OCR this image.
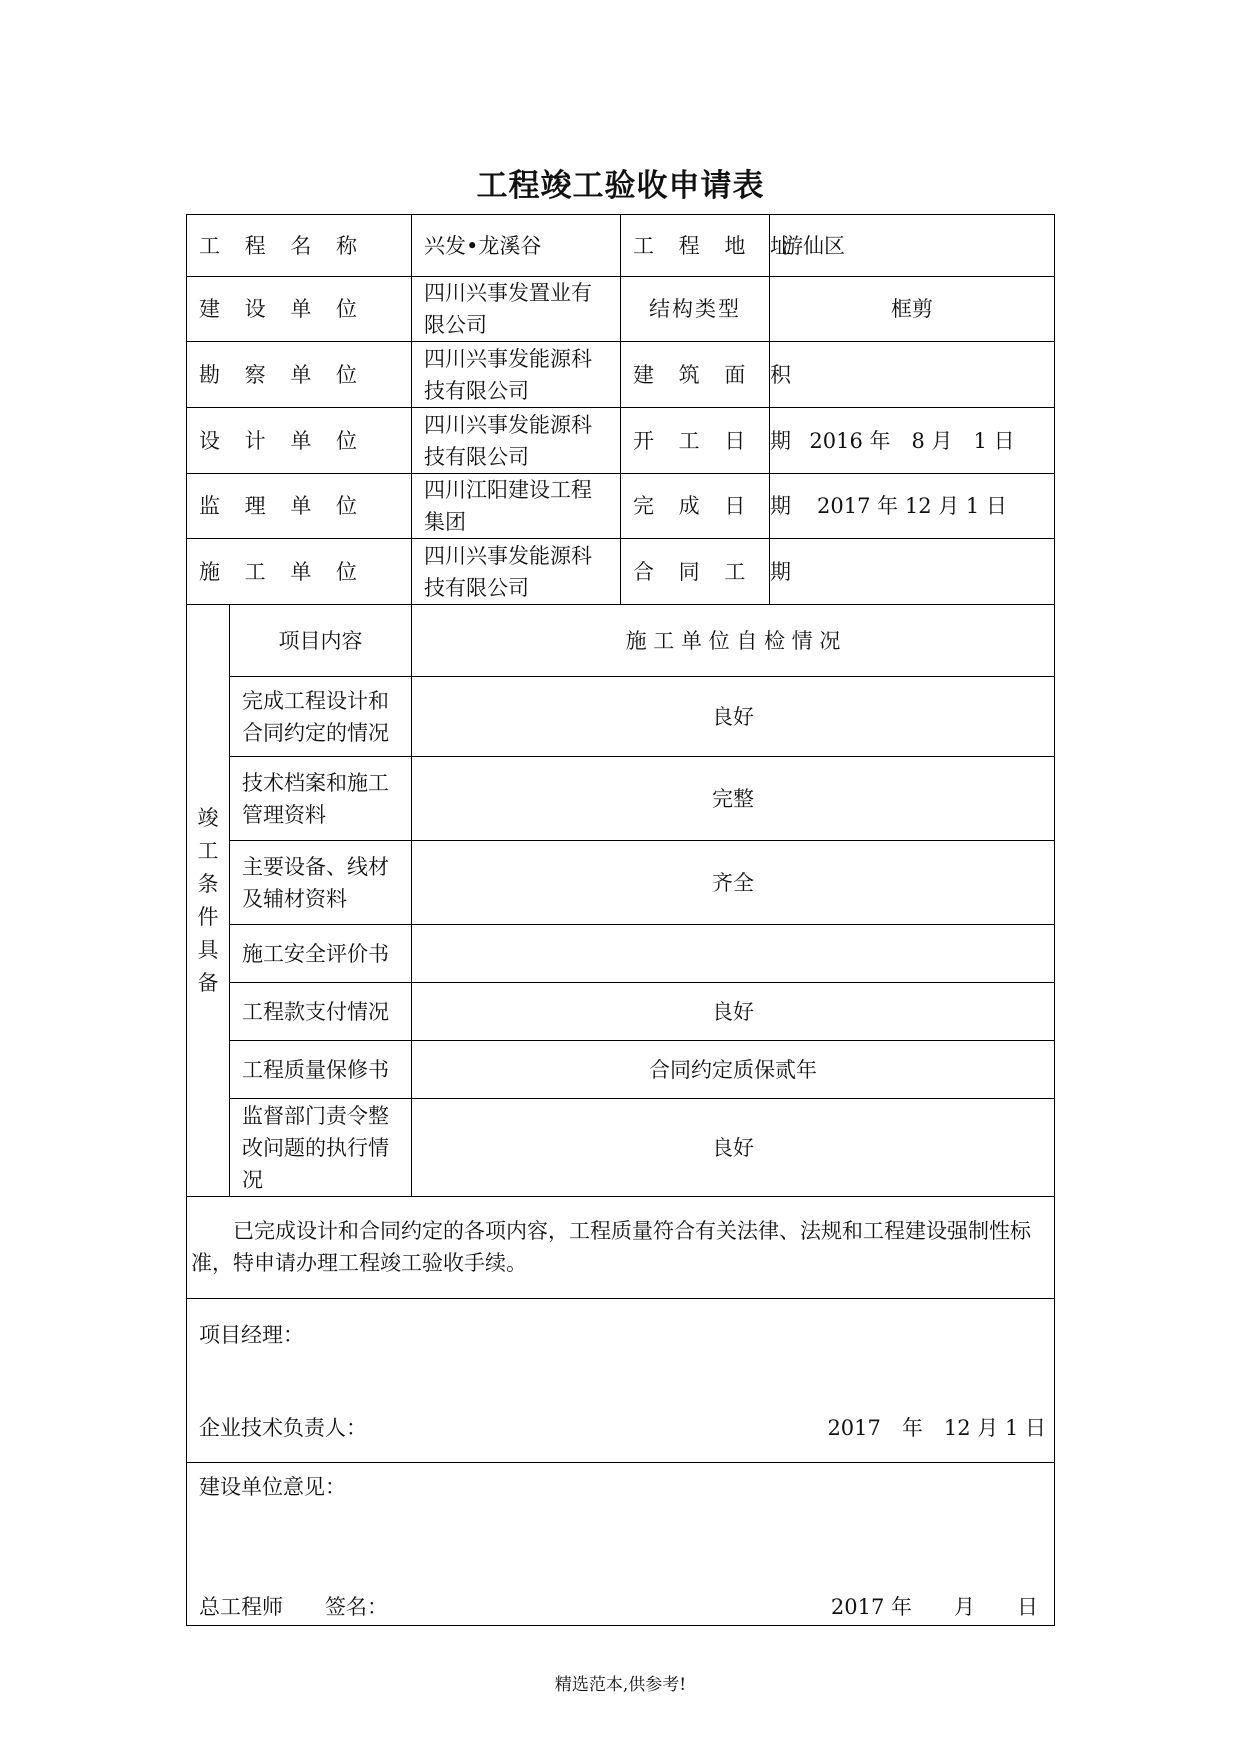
工程竣工验收申请表
工 程 名 称		兴发•龙溪谷	工 程 地 址	游仙区
建 设 单 位		四川兴事发置业有限公司	结构类型	框剪
勘 察 单 位		四川兴事发能源科技有限公司	建 筑 面 积	
设 计 单 位		四川兴事发能源科技有限公司	开 工 日 期	2016 年　8 月　1 日
监 理 单 位		四川江阳建设工程集团	完 成 日 期	2017 年 12 月 1 日
施 工 单 位		四川兴事发能源科技有限公司	合 同 工 期	
竣工条件具备	项目内容	施 工 单 位 自 检 情 况		
	完成工程设计和合同约定的情况	良好		
	技术档案和施工管理资料	完整		
	主要设备、线材及辅材资料	齐全		
	施工安全评价书			
	工程款支付情况	良好		
	工程质量保修书	合同约定质保贰年		
	监督部门责令整改问题的执行情况	良好		

已完成设计和合同约定的各项内容，工程质量符合有关法律、法规和工程建设强制性标准，特申请办理工程竣工验收手续。				

项目经理：
企业技术负责人： 2017　年　12 月 1 日				

建设单位意见：
总工程师　　签名： 2017 年　　月　　日				
精选范本,供参考!
